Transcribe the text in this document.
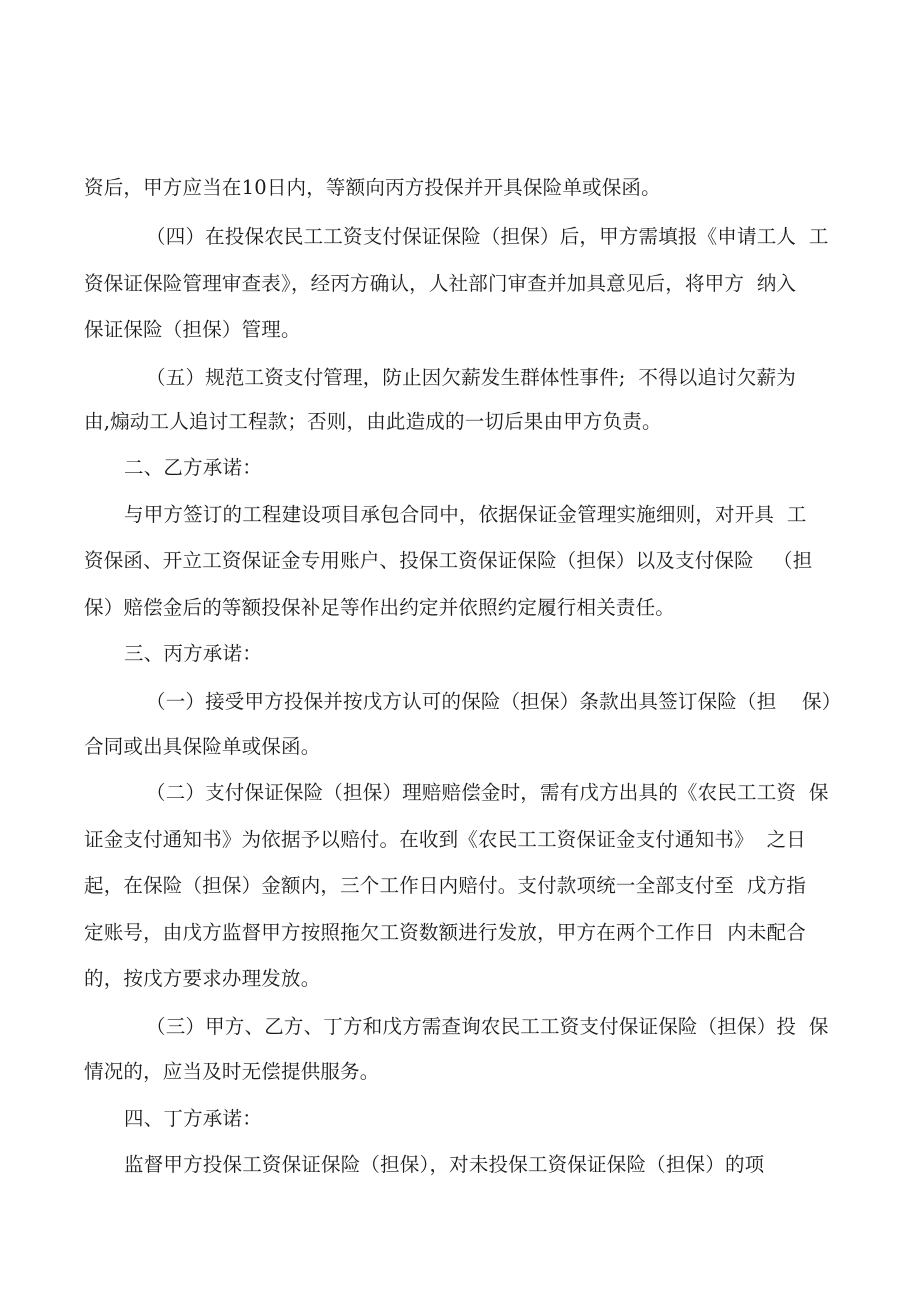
资后，甲方应当在10日内，等额向丙方投保并开具保险单或保函。
（四）在投保农民工工资支付保证保险（担保）后，甲方需填报《申请工人  工
资保证保险管理审查表》，经丙方确认，人社部门审查并加具意见后，将甲方  纳入
保证保险（担保）管理。
（五）规范工资支付管理，防止因欠薪发生群体性事件;  不得以追讨欠薪为
由,煽动工人追讨工程款；否则，由此造成的一切后果由甲方负责。
二、乙方承诺：
与甲方签订的工程建设项目承包合同中，依据保证金管理实施细则，对开具  工
资保函、开立工资保证金专用账户、投保工资保证保险（担保）以及支付保险   （担
保）赔偿金后的等额投保补足等作出约定并依照约定履行相关责任。
三、丙方承诺：
（一）接受甲方投保并按戊方认可的保险（担保）条款出具签订保险（担    保）
合同或出具保险单或保函。
（二）支付保证保险（担保）理赔赔偿金时，需有戊方出具的《农民工工资  保
证金支付通知书》为依据予以赔付。在收到《农民工工资保证金支付通知书》  之日
起，在保险（担保）金额内，三个工作日内赔付。支付款项统一全部支付至  戊方指
定账号，由戊方监督甲方按照拖欠工资数额进行发放，甲方在两个工作日  内未配合
的，按戊方要求办理发放。
（三）甲方、乙方、丁方和戊方需查询农民工工资支付保证保险（担保）投  保
情况的，应当及时无偿提供服务。
四、丁方承诺：
监督甲方投保工资保证保险（担保），对未投保工资保证保险（担保）的项
